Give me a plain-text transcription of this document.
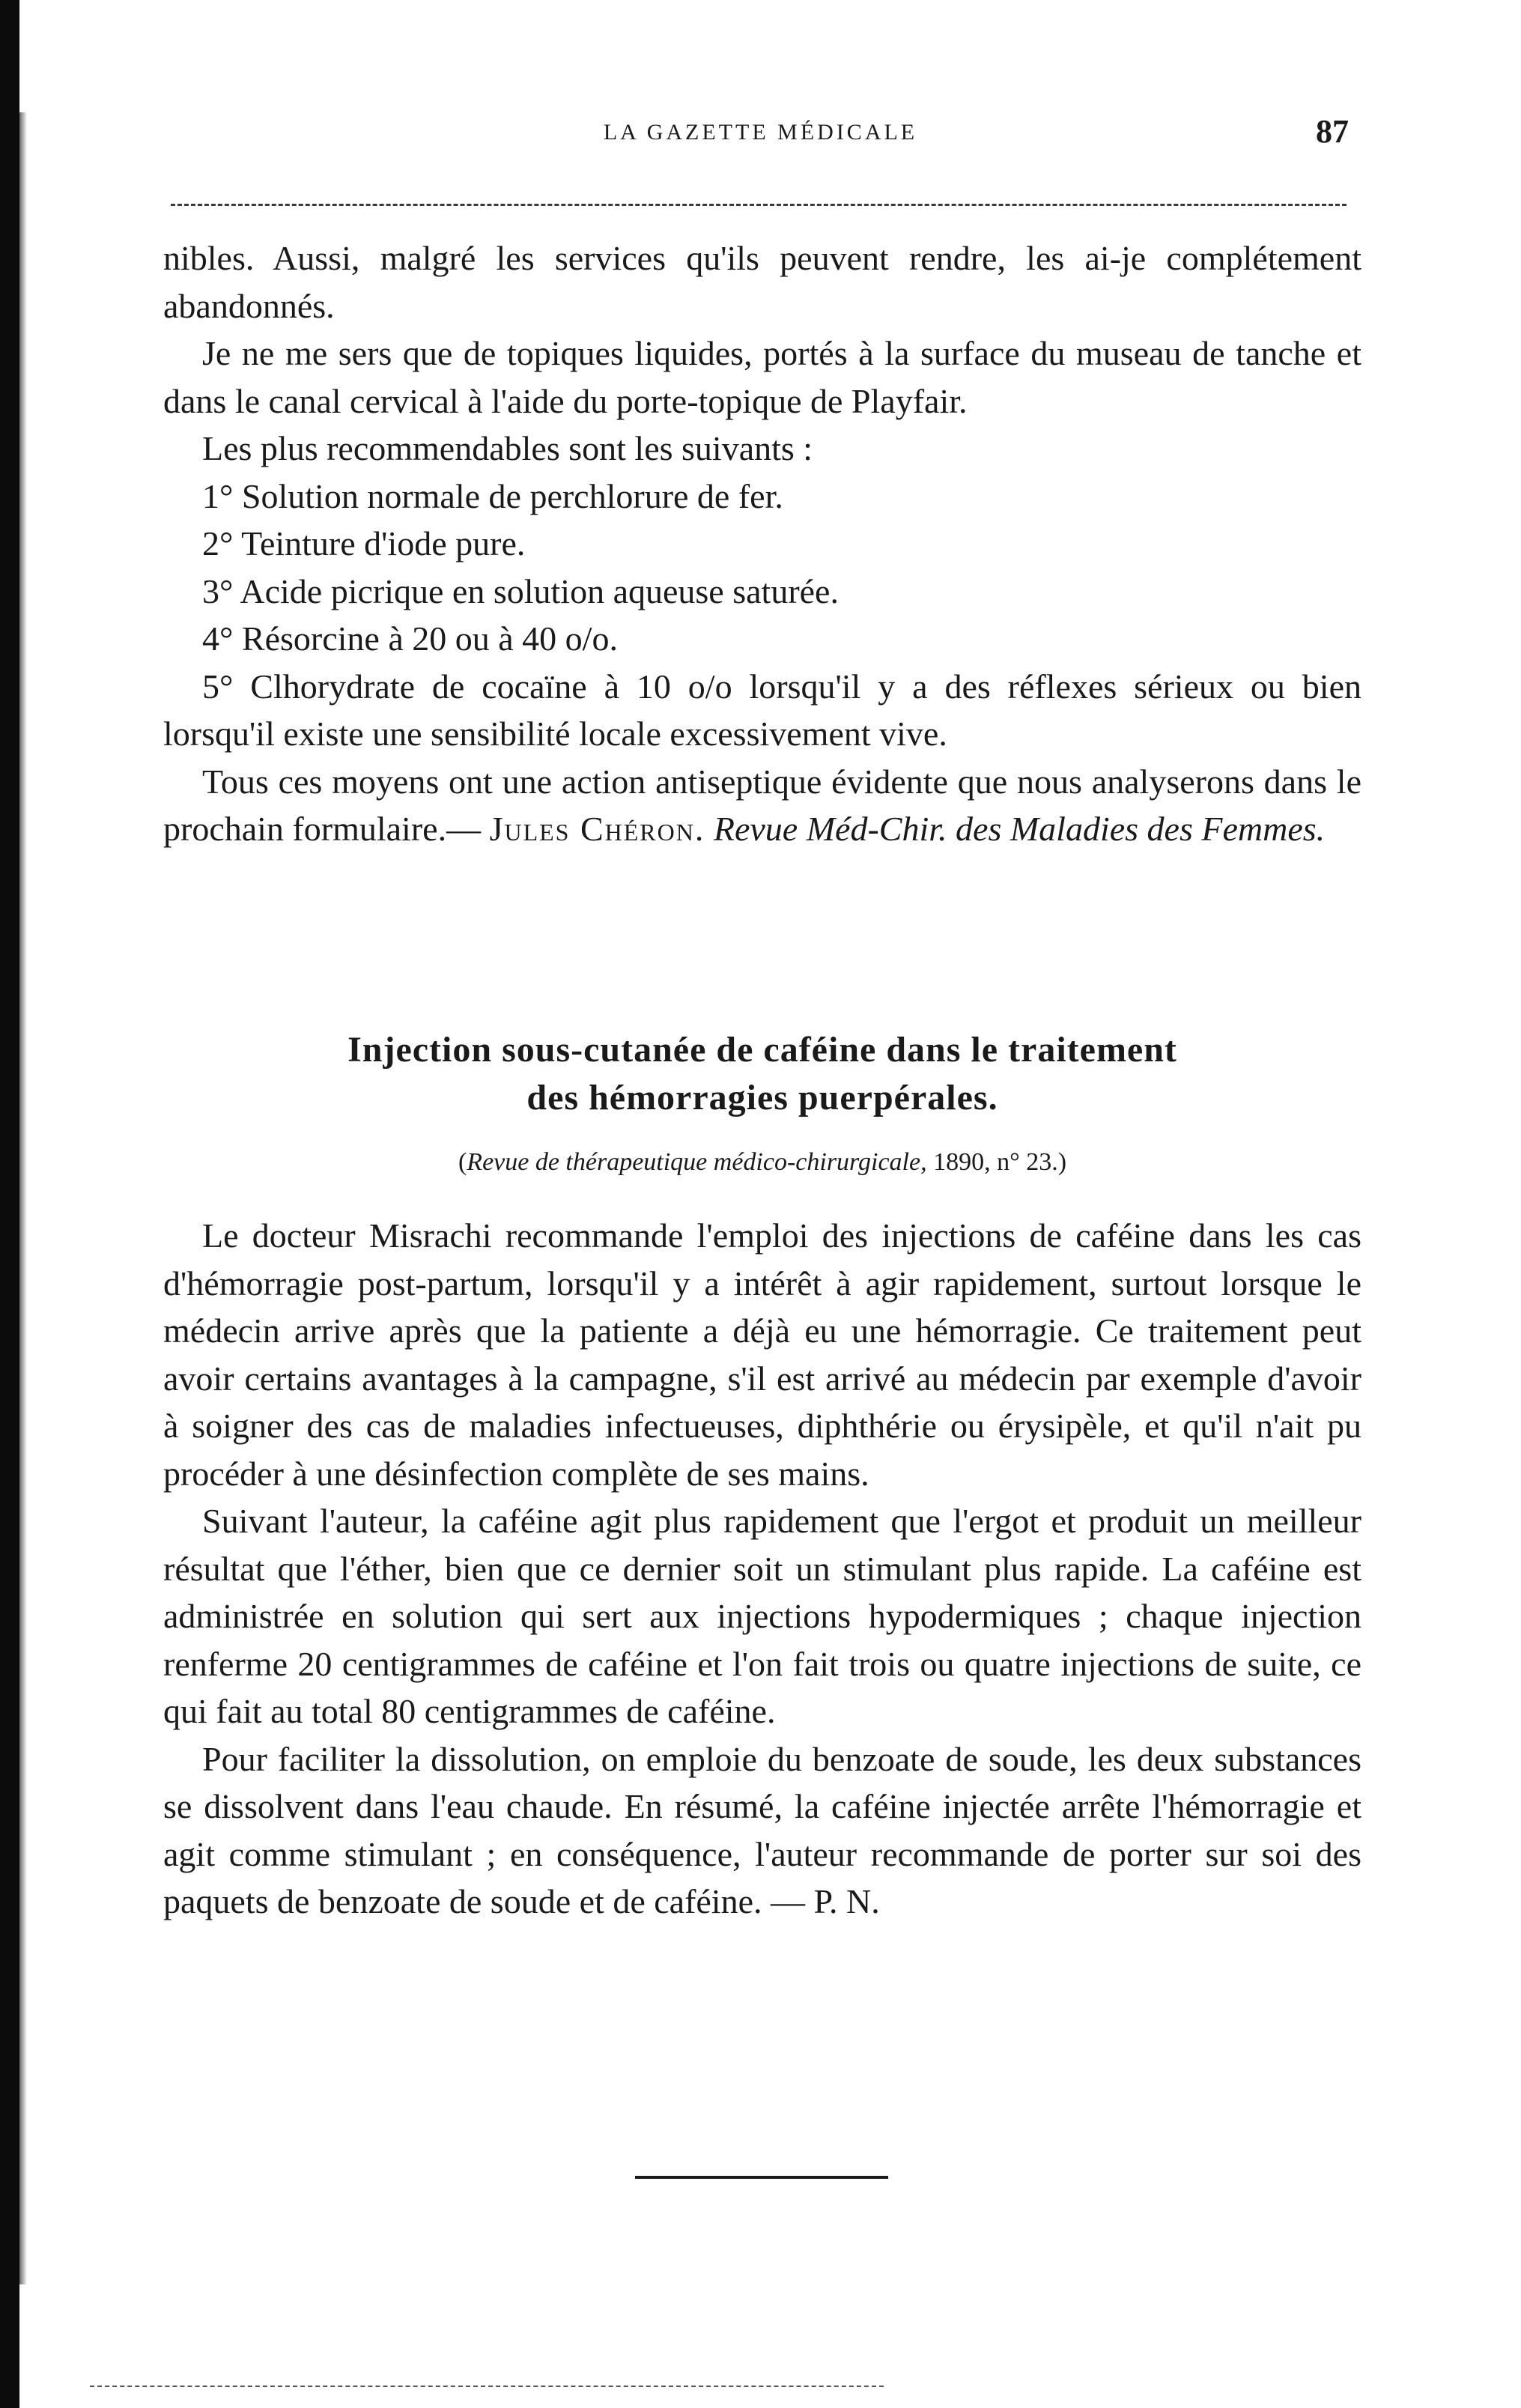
LA GAZETTE MÉDICALE	87

nibles. Aussi, malgré les services qu'ils peuvent rendre, les ai-je complétement abandonnés.

Je ne me sers que de topiques liquides, portés à la surface du museau de tanche et dans le canal cervical à l'aide du porte-topique de Playfair.

Les plus recommendables sont les suivants :

1° Solution normale de perchlorure de fer.

2° Teinture d'iode pure.

3° Acide picrique en solution aqueuse saturée.

4° Résorcine à 20 ou à 40 o/o.

5° Clhorydrate de cocaïne à 10 o/o lorsqu'il y a des réflexes sérieux ou bien lorsqu'il existe une sensibilité locale excessivement vive.

Tous ces moyens ont une action antiseptique évidente que nous analyserons dans le prochain formulaire.— Jules Chéron. Revue Méd-Chir. des Maladies des Femmes.

Injection sous-cutanée de caféine dans le traitement
des hémorragies puerpérales.
(Revue de thérapeutique médico-chirurgicale, 1890, n° 23.)

Le docteur Misrachi recommande l'emploi des injections de caféine dans les cas d'hémorragie post-partum, lorsqu'il y a intérêt à agir rapidement, surtout lorsque le médecin arrive après que la patiente a déjà eu une hémorragie. Ce traitement peut avoir certains avantages à la campagne, s'il est arrivé au médecin par exemple d'avoir à soigner des cas de maladies infectueuses, diphthérie ou érysipèle, et qu'il n'ait pu procéder à une désinfection complète de ses mains.

Suivant l'auteur, la caféine agit plus rapidement que l'ergot et produit un meilleur résultat que l'éther, bien que ce dernier soit un stimulant plus rapide. La caféine est administrée en solution qui sert aux injections hypodermiques ; chaque injection renferme 20 centigrammes de caféine et l'on fait trois ou quatre injections de suite, ce qui fait au total 80 centigrammes de caféine.

Pour faciliter la dissolution, on emploie du benzoate de soude, les deux substances se dissolvent dans l'eau chaude. En résumé, la caféine injectée arrête l'hémorragie et agit comme stimulant ; en conséquence, l'auteur recommande de porter sur soi des paquets de benzoate de soude et de caféine. — P. N.
